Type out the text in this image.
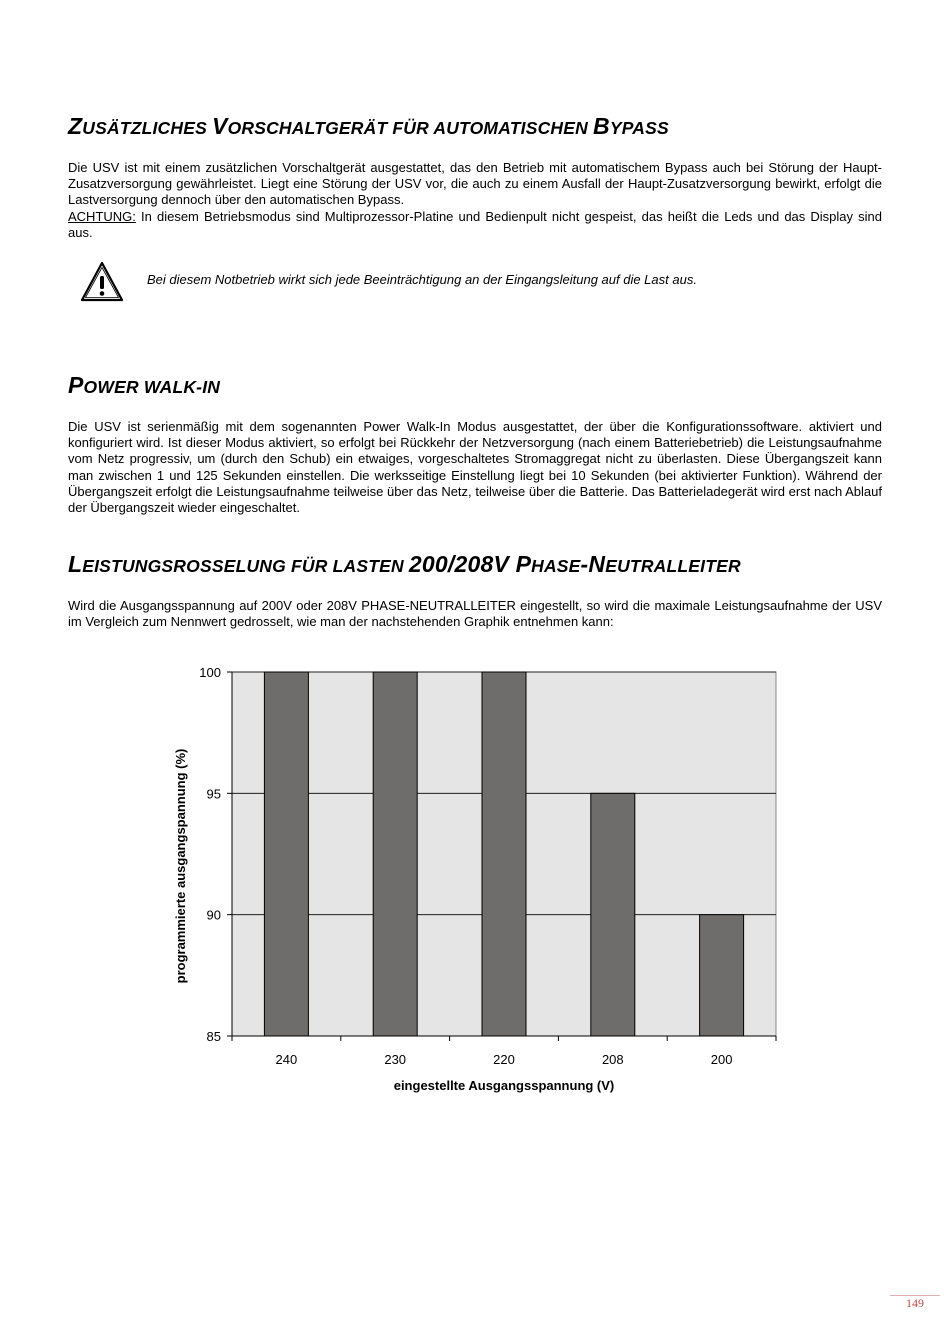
ZUSÄTZLICHES VORSCHALTGERÄT FÜR AUTOMATISCHEN BYPASS

Die USV ist mit einem zusätzlichen Vorschaltgerät ausgestattet, das den Betrieb mit automatischem Bypass auch bei Störung der Haupt-Zusatzversorgung gewährleistet. Liegt eine Störung der USV vor, die auch zu einem Ausfall der Haupt-Zusatzversorgung bewirkt, erfolgt die Lastversorgung dennoch über den automatischen Bypass.
ACHTUNG: In diesem Betriebsmodus sind Multiprozessor-Platine und Bedienpult nicht gespeist, das heißt die Leds und das Display sind aus.

Bei diesem Notbetrieb wirkt sich jede Beeinträchtigung an der Eingangsleitung auf die Last aus.
POWER WALK-IN

Die USV ist serienmäßig mit dem sogenannten Power Walk-In Modus ausgestattet, der über die Konfigurationssoftware. aktiviert und konfiguriert wird. Ist dieser Modus aktiviert, so erfolgt bei Rückkehr der Netzversorgung (nach einem Batteriebetrieb) die Leistungsaufnahme vom Netz progressiv, um (durch den Schub) ein etwaiges, vorgeschaltetes Stromaggregat nicht zu überlasten. Diese Übergangszeit kann man zwischen 1 und 125 Sekunden einstellen. Die werksseitige Einstellung liegt bei 10 Sekunden (bei aktivierter Funktion). Während der Übergangszeit erfolgt die Leistungsaufnahme teilweise über das Netz, teilweise über die Batterie. Das Batterieladegerät wird erst nach Ablauf der Übergangszeit wieder eingeschaltet.

LEISTUNGSROSSELUNG FÜR LASTEN 200/208V PHASE-NEUTRALLEITER

Wird die Ausgangsspannung auf 200V oder 208V PHASE-NEUTRALLEITER eingestellt, so wird die maximale Leistungsaufnahme der USV im Vergleich zum Nennwert gedrosselt, wie man der nachstehenden Graphik entnehmen kann:

85
90
95
100
240	230	220	208	200
eingestellte Ausgangsspannung (V)
programmierte ausgangspannung (%)
149
